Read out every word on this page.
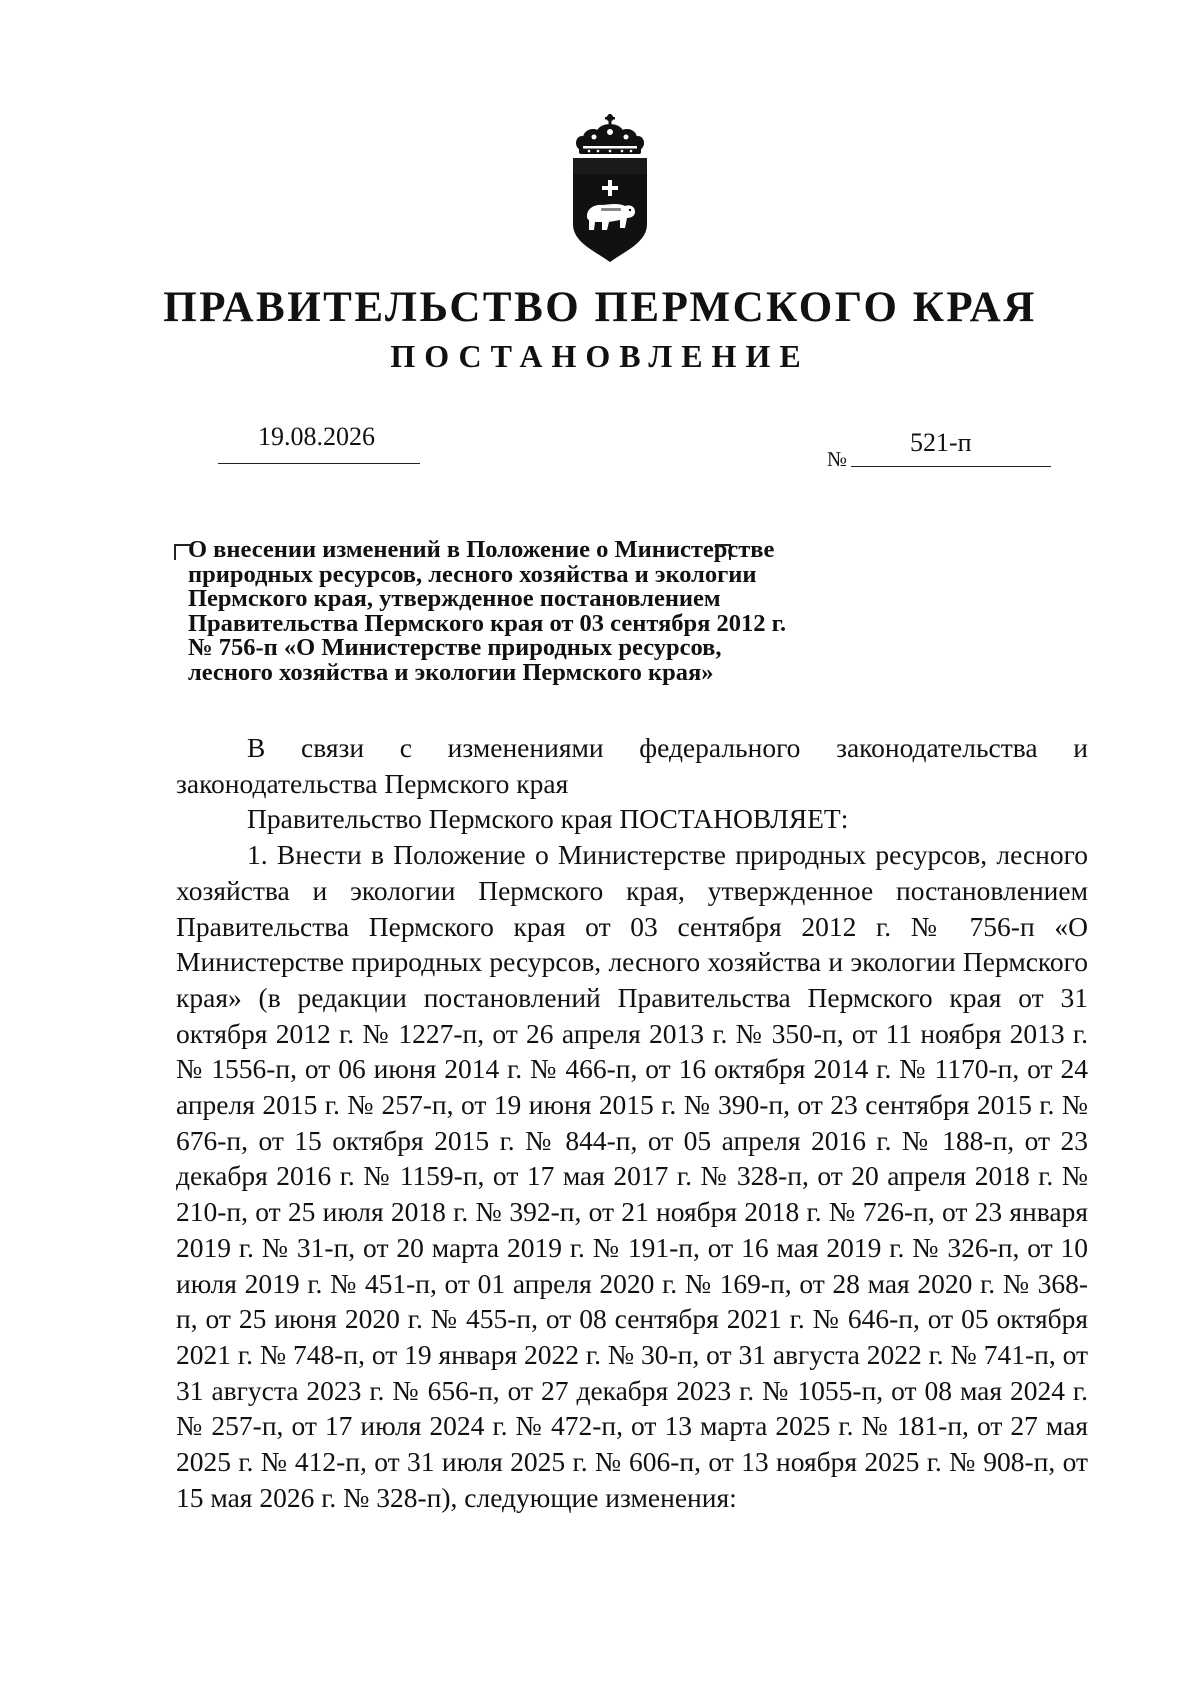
ПРАВИТЕЛЬСТВО ПЕРМСКОГО КРАЯ
ПОСТАНОВЛЕНИЕ
19.08.2026
№
521-п
О внесении изменений в Положение о Министерстве
природных ресурсов, лесного хозяйства и экологии
Пермского края, утвержденное постановлением
Правительства Пермского края от 03 сентября 2012 г.
№ 756-п «О Министерстве природных ресурсов,
лесного хозяйства и экологии Пермского края»

В связи с изменениями федерального законодательства и законодательства Пермского края

Правительство Пермского края ПОСТАНОВЛЯЕТ:

1. Внести в Положение о Министерстве природных ресурсов, лесного хозяйства и экологии Пермского края, утвержденное постановлением Правительства Пермского края от 03 сентября 2012 г. № 756-п «О Министерстве природных ресурсов, лесного хозяйства и экологии Пермского края» (в редакции постановлений Правительства Пермского края от 31 октября 2012 г. № 1227-п, от 26 апреля 2013 г. № 350-п, от 11 ноября 2013 г. № 1556-п, от 06 июня 2014 г. № 466-п, от 16 октября 2014 г. № 1170-п, от 24 апреля 2015 г. № 257-п, от 19 июня 2015 г. № 390-п, от 23 сентября 2015 г. № 676-п, от 15 октября 2015 г. № 844-п, от 05 апреля 2016 г. № 188-п, от 23 декабря 2016 г. № 1159-п, от 17 мая 2017 г. № 328-п, от 20 апреля 2018 г. № 210-п, от 25 июля 2018 г. № 392-п, от 21 ноября 2018 г. № 726-п, от 23 января 2019 г. № 31-п, от 20 марта 2019 г. № 191-п, от 16 мая 2019 г. № 326-п, от 10 июля 2019 г. № 451-п, от 01 апреля 2020 г. № 169-п, от 28 мая 2020 г. № 368-п, от 25 июня 2020 г. № 455-п, от 08 сентября 2021 г. № 646-п, от 05 октября 2021 г. № 748-п, от 19 января 2022 г. № 30-п, от 31 августа 2022 г. № 741-п, от 31 августа 2023 г. № 656-п, от 27 декабря 2023 г. № 1055-п, от 08 мая 2024 г. № 257-п, от 17 июля 2024 г. № 472-п, от 13 марта 2025 г. № 181-п, от 27 мая 2025 г. № 412-п, от 31 июля 2025 г. № 606-п, от 13 ноября 2025 г. № 908-п, от 15 мая 2026 г. № 328-п), следующие изменения:
